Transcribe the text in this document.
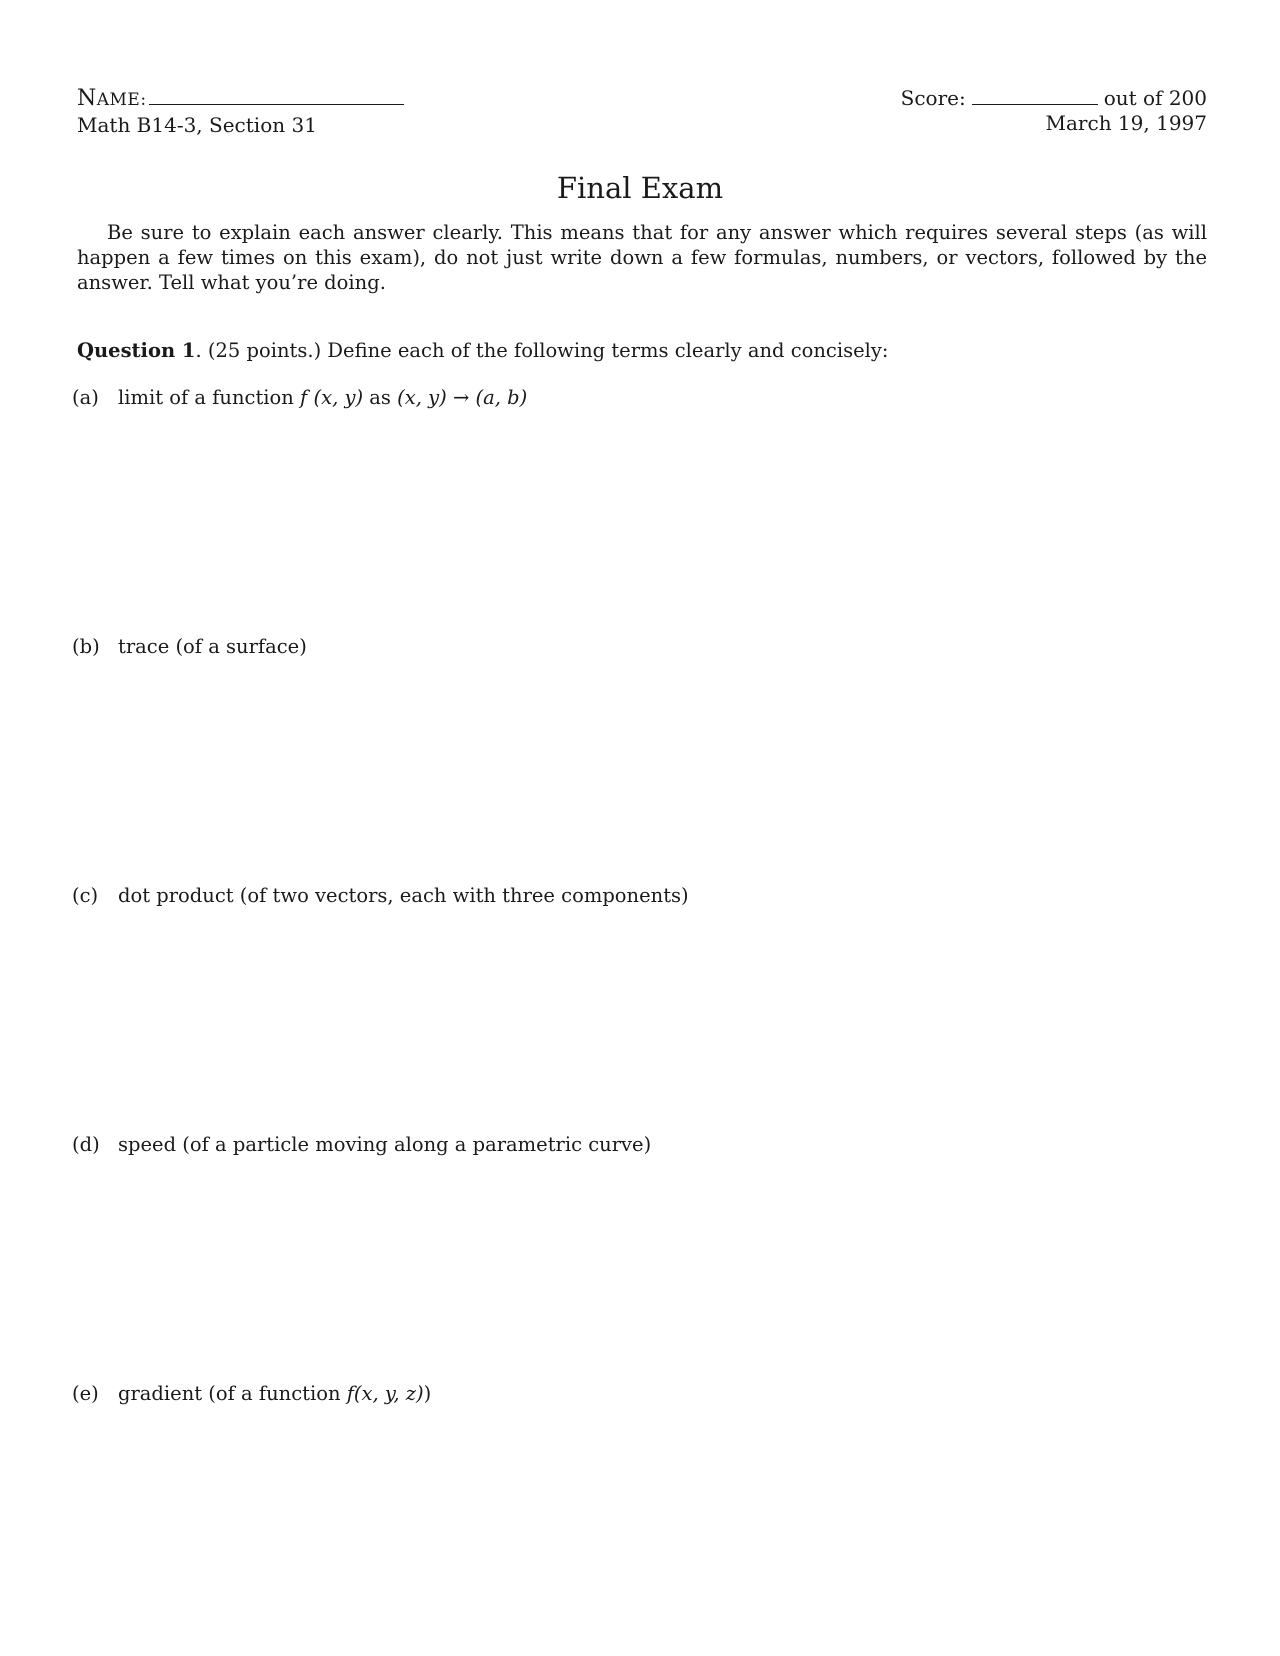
NAME:
Math B14-3, Section 31
Score:	out of 200
March 19, 1997
Final Exam

Be sure to explain each answer clearly. This means that for any answer which requires several steps (as will happen a few times on this exam), do not just write down a few formulas, numbers, or vectors, followed by the answer. Tell what you’re doing.

Question 1. (25 points.) Define each of the following terms clearly and concisely:
(a) limit of a function f (x, y) as (x, y) → (a, b)
(b) trace (of a surface)
(c) dot product (of two vectors, each with three components)
(d) speed (of a particle moving along a parametric curve)
(e) gradient (of a function f(x, y, z))
